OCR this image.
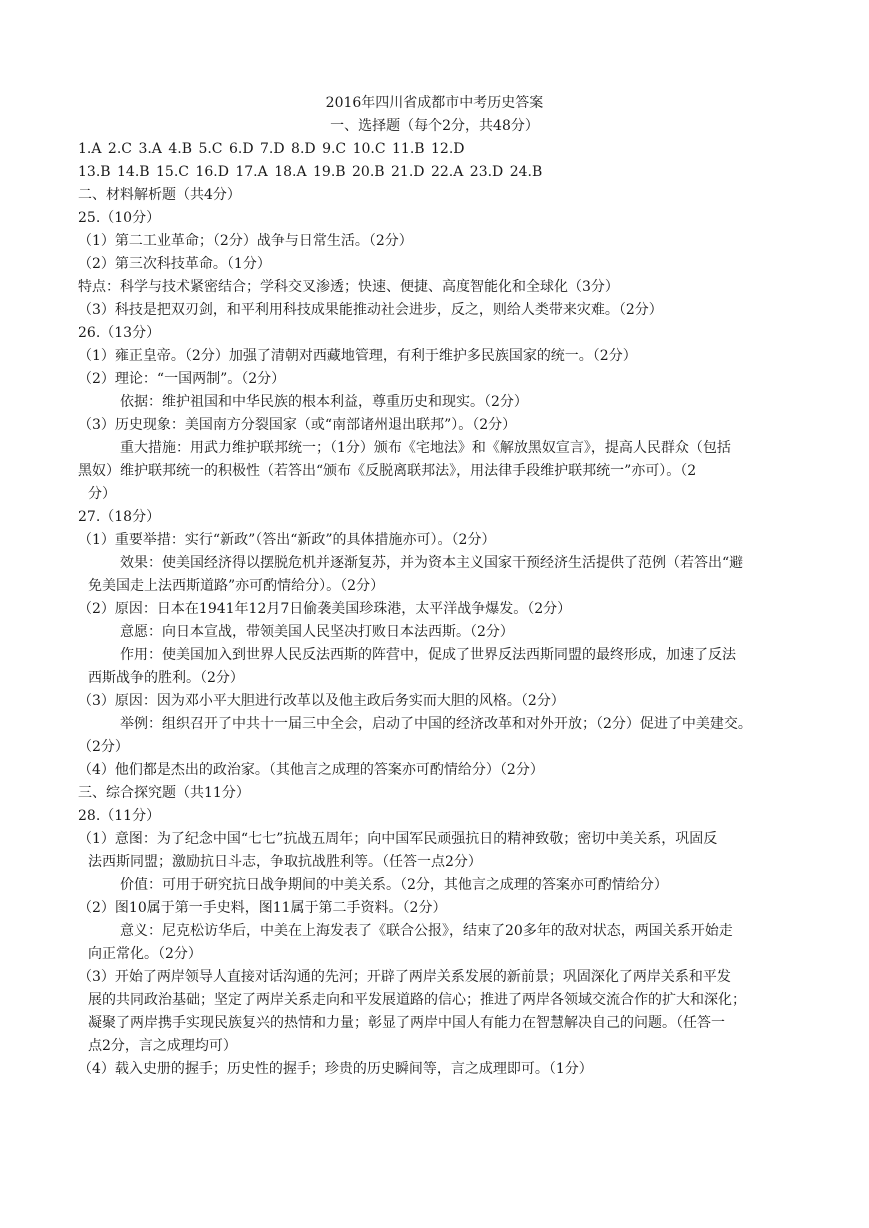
2016年四川省成都市中考历史答案
一、选择题（每个2分，共48分）
1.A 2.C 3.A 4.B 5.C 6.D 7.D 8.D 9.C 10.C 11.B 12.D
13.B 14.B 15.C 16.D 17.A 18.A 19.B 20.B 21.D 22.A 23.D 24.B
二、材料解析题（共4分）
25.（10分）
（1）第二工业革命；（2分）战争与日常生活。（2分）
（2）第三次科技革命。（1分）
特点：科学与技术紧密结合；学科交叉渗透；快速、便捷、高度智能化和全球化（3分）
（3）科技是把双刃剑，和平利用科技成果能推动社会进步，反之，则给人类带来灾难。（2分）
26.（13分）
（1）雍正皇帝。（2分）加强了清朝对西藏地管理，有利于维护多民族国家的统一。（2分）
（2）理论：“一国两制”。（2分）
依据：维护祖国和中华民族的根本利益，尊重历史和现实。（2分）
（3）历史现象：美国南方分裂国家（或“南部诸州退出联邦”）。（2分）
重大措施：用武力维护联邦统一；（1分）颁布《宅地法》和《解放黑奴宣言》，提高人民群众（包括
黑奴）维护联邦统一的积极性（若答出“颁布《反脱离联邦法》，用法律手段维护联邦统一”亦可）。（2
分）
27.（18分）
（1）重要举措：实行“新政”（答出“新政”的具体措施亦可）。（2分）
效果：使美国经济得以摆脱危机并逐渐复苏，并为资本主义国家干预经济生活提供了范例（若答出“避
免美国走上法西斯道路”亦可酌情给分）。（2分）
（2）原因：日本在1941年12月7日偷袭美国珍珠港，太平洋战争爆发。（2分）
意愿：向日本宣战，带领美国人民坚决打败日本法西斯。（2分）
作用：使美国加入到世界人民反法西斯的阵营中，促成了世界反法西斯同盟的最终形成，加速了反法
西斯战争的胜利。（2分）
（3）原因：因为邓小平大胆进行改革以及他主政后务实而大胆的风格。（2分）
举例：组织召开了中共十一届三中全会，启动了中国的经济改革和对外开放；（2分）促进了中美建交。
（2分）
（4）他们都是杰出的政治家。（其他言之成理的答案亦可酌情给分）（2分）
三、综合探究题（共11分）
28.（11分）
（1）意图：为了纪念中国“七七”抗战五周年；向中国军民顽强抗日的精神致敬；密切中美关系，巩固反
法西斯同盟；激励抗日斗志，争取抗战胜利等。（任答一点2分）
价值：可用于研究抗日战争期间的中美关系。（2分，其他言之成理的答案亦可酌情给分）
（2）图10属于第一手史料，图11属于第二手资料。（2分）
意义：尼克松访华后，中美在上海发表了《联合公报》，结束了20多年的敌对状态，两国关系开始走
向正常化。（2分）
（3）开始了两岸领导人直接对话沟通的先河；开辟了两岸关系发展的新前景；巩固深化了两岸关系和平发
展的共同政治基础；坚定了两岸关系走向和平发展道路的信心；推进了两岸各领域交流合作的扩大和深化；
凝聚了两岸携手实现民族复兴的热情和力量；彰显了两岸中国人有能力在智慧解决自己的问题。（任答一
点2分，言之成理均可）
（4）载入史册的握手；历史性的握手；珍贵的历史瞬间等，言之成理即可。（1分）
